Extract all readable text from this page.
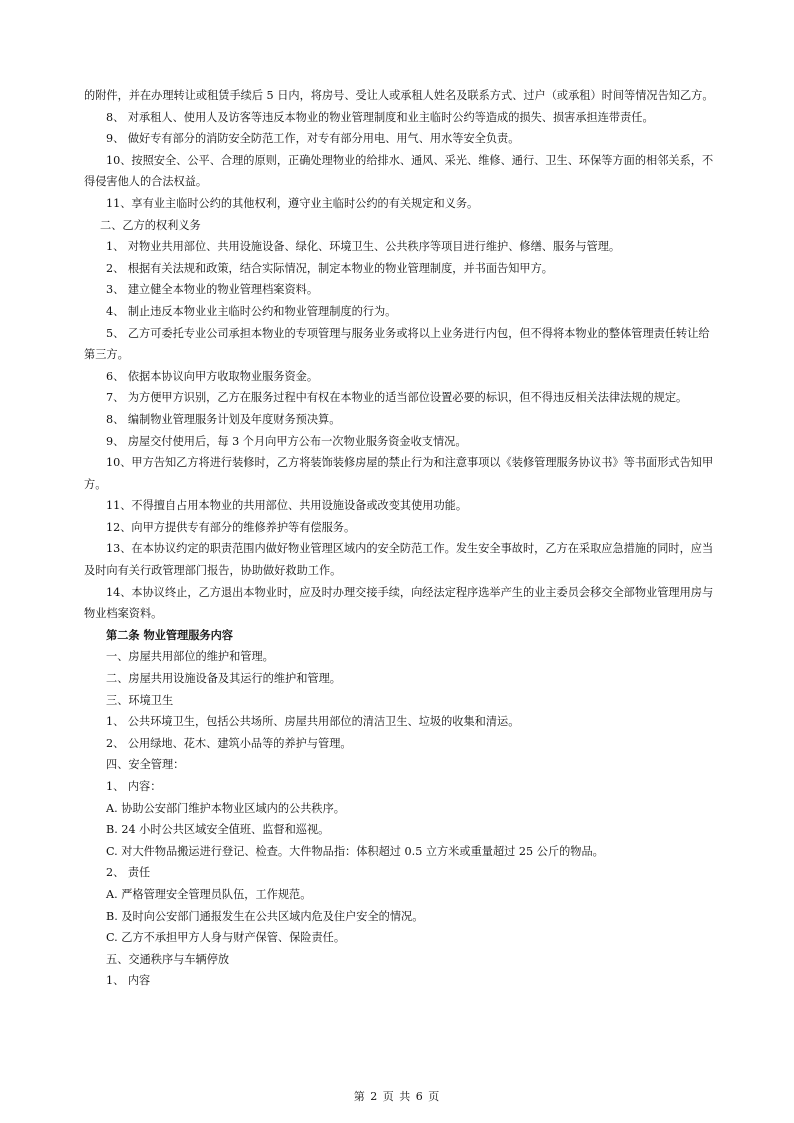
的附件，并在办理转让或租赁手续后 5 日内，将房号、受让人或承租人姓名及联系方式、过户（或承租）时间等情况告知乙方。

8、 对承租人、使用人及访客等违反本物业的物业管理制度和业主临时公约等造成的损失、损害承担连带责任。

9、 做好专有部分的消防安全防范工作，对专有部分用电、用气、用水等安全负责。

10、按照安全、公平、合理的原则，正确处理物业的给排水、通风、采光、维修、通行、卫生、环保等方面的相邻关系，不得侵害他人的合法权益。

11、享有业主临时公约的其他权利，遵守业主临时公约的有关规定和义务。

二、乙方的权利义务

1、 对物业共用部位、共用设施设备、绿化、环境卫生、公共秩序等项目进行维护、修缮、服务与管理。

2、 根据有关法规和政策，结合实际情况，制定本物业的物业管理制度，并书面告知甲方。

3、 建立健全本物业的物业管理档案资料。

4、 制止违反本物业业主临时公约和物业管理制度的行为。

5、 乙方可委托专业公司承担本物业的专项管理与服务业务或将以上业务进行内包，但不得将本物业的整体管理责任转让给第三方。

6、 依据本协议向甲方收取物业服务资金。

7、 为方便甲方识别，乙方在服务过程中有权在本物业的适当部位设置必要的标识，但不得违反相关法律法规的规定。

8、 编制物业管理服务计划及年度财务预决算。

9、 房屋交付使用后，每 3 个月向甲方公布一次物业服务资金收支情况。

10、甲方告知乙方将进行装修时，乙方将装饰装修房屋的禁止行为和注意事项以《装修管理服务协议书》等书面形式告知甲方。

11、不得擅自占用本物业的共用部位、共用设施设备或改变其使用功能。

12、向甲方提供专有部分的维修养护等有偿服务。

13、在本协议约定的职责范围内做好物业管理区域内的安全防范工作。发生安全事故时，乙方在采取应急措施的同时，应当及时向有关行政管理部门报告，协助做好救助工作。

14、本协议终止，乙方退出本物业时，应及时办理交接手续，向经法定程序选举产生的业主委员会移交全部物业管理用房与物业档案资料。

第二条 物业管理服务内容

一、房屋共用部位的维护和管理。

二、房屋共用设施设备及其运行的维护和管理。

三、环境卫生

1、 公共环境卫生，包括公共场所、房屋共用部位的清洁卫生、垃圾的收集和清运。

2、 公用绿地、花木、建筑小品等的养护与管理。

四、安全管理：

1、 内容：

A. 协助公安部门维护本物业区域内的公共秩序。

B. 24 小时公共区域安全值班、监督和巡视。

C. 对大件物品搬运进行登记、检查。大件物品指：体积超过 0.5 立方米或重量超过 25 公斤的物品。

2、 责任

A. 严格管理安全管理员队伍，工作规范。

B. 及时向公安部门通报发生在公共区域内危及住户安全的情况。

C. 乙方不承担甲方人身与财产保管、保险责任。

五、交通秩序与车辆停放

1、 内容

第 2 页 共 6 页
